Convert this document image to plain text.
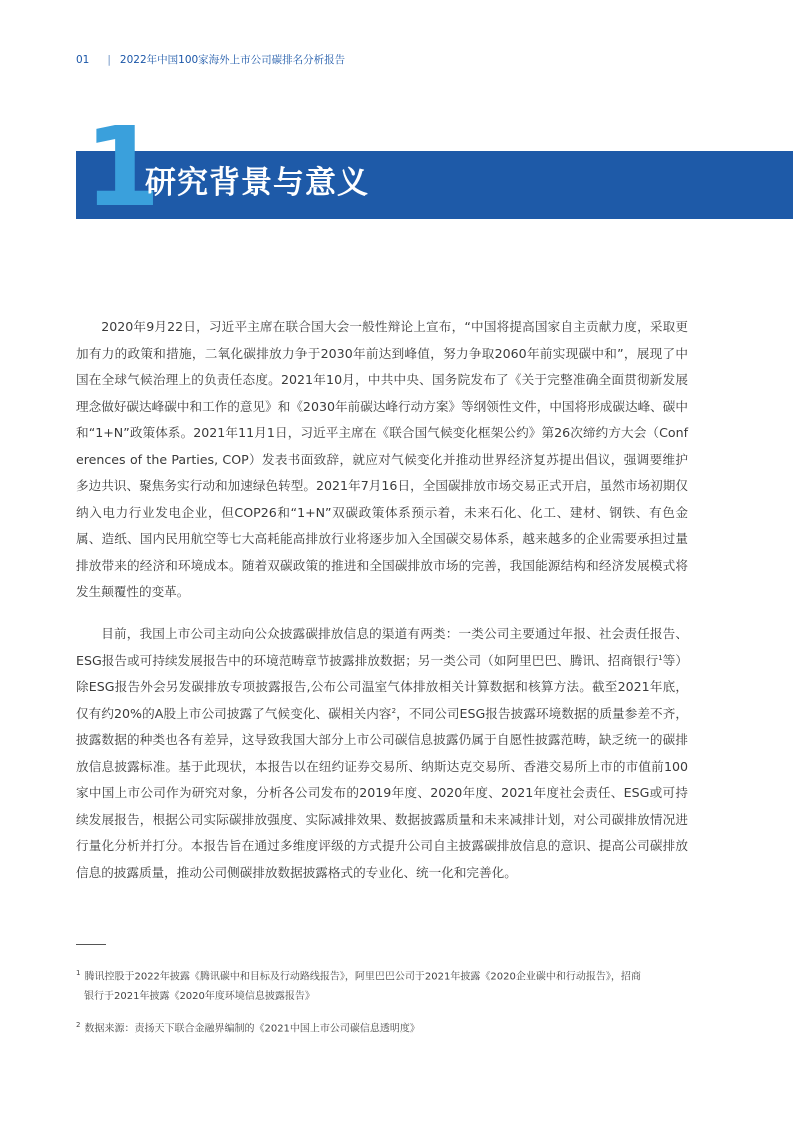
01 | 2022年中国100家海外上市公司碳排名分析报告
1
研究背景与意义

2020年9月22日，习近平主席在联合国大会一般性辩论上宣布，“中国将提高国家自主贡献力度，采取更加有力的政策和措施，二氧化碳排放力争于2030年前达到峰值，努力争取2060年前实现碳中和”，展现了中国在全球气候治理上的负责任态度。2021年10月，中共中央、国务院发布了《关于完整准确全面贯彻新发展理念做好碳达峰碳中和工作的意见》和《2030年前碳达峰行动方案》等纲领性文件，中国将形成碳达峰、碳中和“1+N”政策体系。2021年11月1日，习近平主席在《联合国气候变化框架公约》第26次缔约方大会（Conferences of the Parties, COP）发表书面致辞，就应对气候变化并推动世界经济复苏提出倡议，强调要维护多边共识、聚焦务实行动和加速绿色转型。2021年7月16日，全国碳排放市场交易正式开启，虽然市场初期仅纳入电力行业发电企业，但COP26和“1+N”双碳政策体系预示着，未来石化、化工、建材、钢铁、有色金属、造纸、国内民用航空等七大高耗能高排放行业将逐步加入全国碳交易体系，越来越多的企业需要承担过量排放带来的经济和环境成本。随着双碳政策的推进和全国碳排放市场的完善，我国能源结构和经济发展模式将发生颠覆性的变革。

目前，我国上市公司主动向公众披露碳排放信息的渠道有两类：一类公司主要通过年报、社会责任报告、ESG报告或可持续发展报告中的环境范畴章节披露排放数据；另一类公司（如阿里巴巴、腾讯、招商银行$^1$等）除ESG报告外会另发碳排放专项披露报告,公布公司温室气体排放相关计算数据和核算方法。截至2021年底，仅有约20%的A股上市公司披露了气候变化、碳相关内容$^2$，不同公司ESG报告披露环境数据的质量参差不齐，披露数据的种类也各有差异，这导致我国大部分上市公司碳信息披露仍属于自愿性披露范畴，缺乏统一的碳排放信息披露标准。基于此现状，本报告以在纽约证券交易所、纳斯达克交易所、香港交易所上市的市值前100家中国上市公司作为研究对象，分析各公司发布的2019年度、2020年度、2021年度社会责任、ESG或可持续发展报告，根据公司实际碳排放强度、实际减排效果、数据披露质量和未来减排计划，对公司碳排放情况进行量化分析并打分。本报告旨在通过多维度评级的方式提升公司自主披露碳排放信息的意识、提高公司碳排放信息的披露质量，推动公司侧碳排放数据披露格式的专业化、统一化和完善化。

$^1$ 腾讯控股于2022年披露《腾讯碳中和目标及行动路线报告》，阿里巴巴公司于2021年披露《2020企业碳中和行动报告》，招商
银行于2021年披露《2020年度环境信息披露报告》

$^2$ 数据来源：责扬天下联合金融界编制的《2021中国上市公司碳信息透明度》
